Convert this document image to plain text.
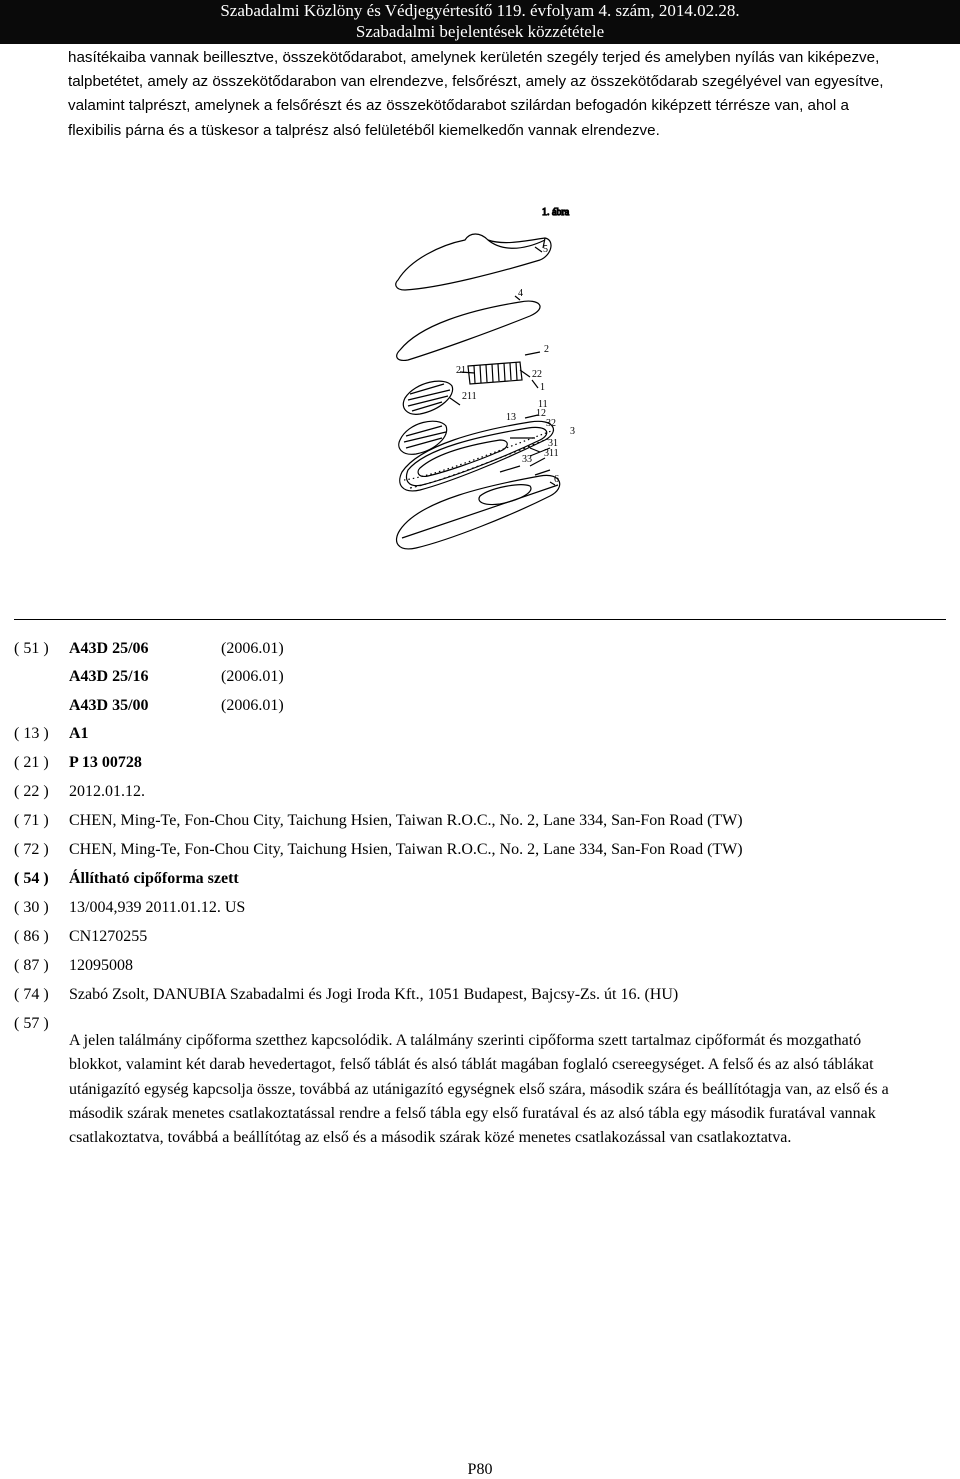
Szabadalmi Közlöny és Védjegyértesítő 119. évfolyam 4. szám, 2014.02.28.
Szabadalmi bejelentések közzététele

hasítékaiba vannak beillesztve, összekötődarabot, amelynek kerületén szegély terjed és amelyben nyílás van kiképezve, talpbetétet, amely az összekötődarabon van elrendezve, felsőrészt, amely az összekötődarab szegélyével van egyesítve, valamint talprészt, amelynek a felsőrészt és az összekötődarabot szilárdan befogadón kiképzett térrésze van, ahol a flexibilis párna és a tüskesor a talprész alsó felületéből kiemelkedőn vannak elrendezve.

1. ábra
5
4
2
21	22
1
211
11
12
13
32
3
31
311
33
6
( 51 ) A43D 25/06	(2006.01)
A43D 25/16	(2006.01)
A43D 35/00	(2006.01)
( 13 ) A1
( 21 ) P 13 00728
( 22 ) 2012.01.12.
( 71 ) CHEN, Ming-Te, Fon-Chou City, Taichung Hsien, Taiwan R.O.C., No. 2, Lane 334, San-Fon Road (TW)
( 72 ) CHEN, Ming-Te, Fon-Chou City, Taichung Hsien, Taiwan R.O.C., No. 2, Lane 334, San-Fon Road (TW)
( 54 ) Állítható cipőforma szett
( 30 ) 13/004,939 2011.01.12. US
( 86 ) CN1270255
( 87 ) 12095008
( 74 ) Szabó Zsolt, DANUBIA Szabadalmi és Jogi Iroda Kft., 1051 Budapest, Bajcsy-Zs. út 16. (HU)
( 57 )

A jelen találmány cipőforma szetthez kapcsolódik. A találmány szerinti cipőforma szett tartalmaz cipőformát és mozgatható blokkot, valamint két darab hevedertagot, felső táblát és alsó táblát magában foglaló csereegységet. A felső és az alsó táblákat utánigazító egység kapcsolja össze, továbbá az utánigazító egységnek első szára, második szára és beállítótagja van, az első és a második szárak menetes csatlakoztatással rendre a felső tábla egy első furatával és az alsó tábla egy második furatával vannak csatlakoztatva, továbbá a beállítótag az első és a második szárak közé menetes csatlakozással van csatlakoztatva.

P80
